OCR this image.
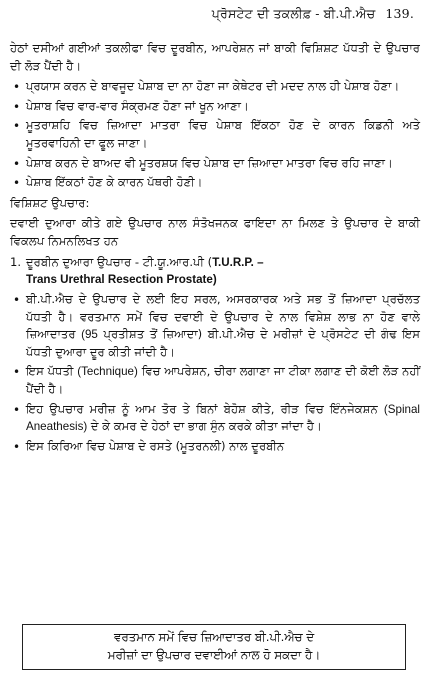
ਪ੍ਰੋਸਟੇਟ ਦੀ ਤਕਲੀਫ਼ - ਬੀ.ਪੀ.ਐਚ 139.

ਹੇਠਾਂ ਦਸੀਆਂ ਗਈਆਂ ਤਕਲੀਫਾ ਵਿਚ ਦੂਰਬੀਨ, ਆਪਰੇਸ਼ਨ ਜਾਂ ਬਾਕੀ ਵਿਸ਼ਿਸ਼ਟ ਪੱਧਤੀ ਦੇ ਉਪਚਾਰ ਦੀ ਲੋੜ ਪੈਂਦੀ ਹੈ।

• ਪ੍ਰਯਾਸ ਕਰਨ ਦੇ ਬਾਵਜੂਦ ਪੇਸ਼ਾਬ ਦਾ ਨਾ ਹੋਣਾ ਜਾ ਕੇਥੇਟਰ ਦੀ ਮਦਦ ਨਾਲ ਹੀ ਪੇਸ਼ਾਬ ਹੋਣਾ।
• ਪੇਸ਼ਾਬ ਵਿਚ ਵਾਰ-ਵਾਰ ਸੰਕ੍ਰਮਣ ਹੋਣਾ ਜਾਂ ਖੂਨ ਆਣਾ।
• ਮੂਤਰਾਸ਼ਹਿ ਵਿਚ ਜ਼ਿਆਦਾ ਮਾਤਰਾ ਵਿਚ ਪੇਸ਼ਾਬ ਇੱਕਠਾ ਹੋਣ ਦੇ ਕਾਰਨ ਕਿਡਨੀ ਅਤੇ ਮੂਤਰਵਾਹਿਨੀ ਦਾ ਫੂਲ ਜਾਣਾ।
• ਪੇਸ਼ਾਬ ਕਰਨ ਦੇ ਬਾਅਦ ਵੀ ਮੂਤਰਸ਼ਯ ਵਿਚ ਪੇਸ਼ਾਬ ਦਾ ਜ਼ਿਆਦਾ ਮਾਤਰਾ ਵਿਚ ਰਹਿ ਜਾਣਾ।
• ਪੇਸ਼ਾਬ ਇੱਕਠਾਂ ਹੋਣ ਕੇ ਕਾਰਨ ਪੱਥਰੀ ਹੋਣੀ।

ਵਿਸ਼ਿਸ਼ਟ ਉਪਚਾਰ:

ਦਵਾਈ ਦੁਆਰਾ ਕੀਤੇ ਗਏ ਉਪਚਾਰ ਨਾਲ ਸੰਤੋਖਜਨਕ ਫਾਇਦਾ ਨਾ ਮਿਲਣ ਤੇ ਉਪਚਾਰ ਦੇ ਬਾਕੀ ਵਿਕਲਪ ਨਿਮਨਲਿਖਤ ਹਨ

1. ਦੂਰਬੀਨ ਦੁਆਰਾ ਉਪਚਾਰ - ਟੀ.ਯੂ.ਆਰ.ਪੀ (T.U.R.P. –
Trans Urethral Resection Prostate)
• ਬੀ.ਪੀ.ਐਚ ਦੇ ਉਪਚਾਰ ਦੇ ਲਈ ਇਹ ਸਰਲ, ਅਸਰਕਾਰਕ ਅਤੇ ਸਭ ਤੋਂ ਜ਼ਿਆਦਾ ਪ੍ਰਚੱਲਤ ਪੱਧਤੀ ਹੈ। ਵਰਤਮਾਨ ਸਮੇਂ ਵਿਚ ਦਵਾਈ ਦੇ ਉਪਚਾਰ ਦੇ ਨਾਲ ਵਿਸ਼ੇਸ਼ ਲਾਭ ਨਾ ਹੋਣ ਵਾਲੇ ਜ਼ਿਆਦਾਤਰ (95 ਪ੍ਰਤੀਸ਼ਤ ਤੋਂ ਜ਼ਿਆਦਾ) ਬੀ.ਪੀ.ਐਚ ਦੇ ਮਰੀਜ਼ਾਂ ਦੇ ਪ੍ਰੋਸਟੇਟ ਦੀ ਗੰਢ ਇਸ ਪੱਧਤੀ ਦੁਆਰਾ ਦੂਰ ਕੀਤੀ ਜਾਂਦੀ ਹੈ।
• ਇਸ ਪੱਧਤੀ (Technique) ਵਿਚ ਆਪਰੇਸ਼ਨ, ਚੀਰਾ ਲਗਾਣਾ ਜਾ ਟੀਕਾ ਲਗਾਣ ਦੀ ਕੋਈ ਲੋੜ ਨਹੀਂ ਪੈਂਦੀ ਹੈ।
• ਇਹ ਉਪਚਾਰ ਮਰੀਜ਼ ਨੂੰ ਆਮ ਤੋਰ ਤੇ ਬਿਨਾਂ ਬੇਹੋਸ਼ ਕੀਤੇ, ਰੀੜ ਵਿਚ ਇੰਨਜੇਕਸ਼ਨ (Spinal Aneathesis) ਦੇ ਕੇ ਕਮਰ ਦੇ ਹੇਠਾਂ ਦਾ ਭਾਗ ਸੁੰਨ ਕਰਕੇ ਕੀਤਾ ਜਾਂਦਾ ਹੈ।
• ਇਸ ਕਿਰਿਆ ਵਿਚ ਪੇਸ਼ਾਬ ਦੇ ਰਸਤੇ (ਮੂਤਰਨਲੀ) ਨਾਲ ਦੂਰਬੀਨ
ਵਰਤਮਾਨ ਸਮੇਂ ਵਿਚ ਜ਼ਿਆਦਾਤਰ ਬੀ.ਪੀ.ਐਚ ਦੇ
ਮਰੀਜ਼ਾਂ ਦਾ ਉਪਚਾਰ ਦਵਾਈਆਂ ਨਾਲ ਹੋ ਸਕਦਾ ਹੈ।
